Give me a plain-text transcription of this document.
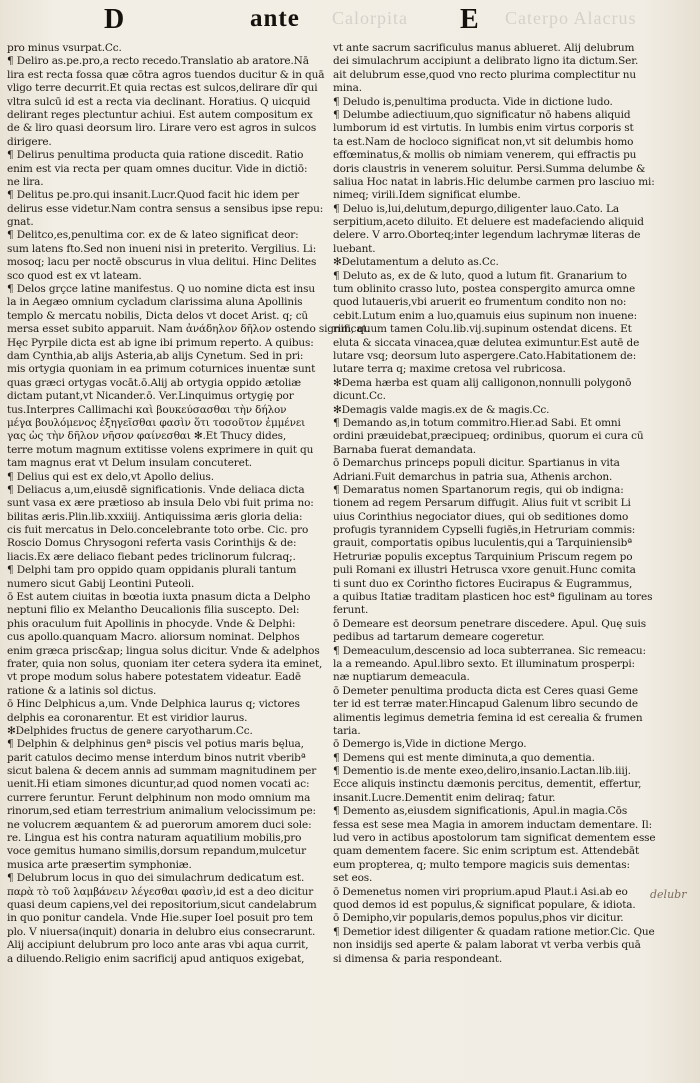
Calorpita	Caterpo Alacrus
D	ante	E
pro minus vsurpat.Cc.
¶ Deliro as.pe.pro,a recto recedo.Translatio ab aratore.Nā
lira est recta fossa quæ cōtra agros tuendos ducitur & in quā
vligo terre decurrit.Et quia rectas est sulcos,delirare dīr qui
vltra sulcū id est a recta via declinant. Horatius. Q uicquid
delirant reges plectuntur achiui. Est autem compositum ex
de & liro quasi deorsum liro. Lirare vero est agros in sulcos
dirigere.
¶ Delirus penultima producta quia ratione discedit. Ratio
enim est via recta per quam omnes ducitur. Vide in dictiō:
ne lira.
¶ Delitus pe.pro.qui insanit.Lucr.Quod facit hic idem per
delirus esse videtur.Nam contra sensus a sensibus ipse repu:
gnat.
¶ Delitco,es,penultima cor. ex de & lateo significat deor:
sum latens fto.Sed non inueni nisi in preterito. Vergilius. Li:
mosoq; lacu per noctē obscurus in vlua delitui. Hinc Delites
sco quod est ex vt lateam.
¶ Delos grçce latine manifestus. Q uo nomine dicta est insu
la in Aegæo omnium cycladum clarissima aluna Apollinis
templo & mercatu nobilis, Dicta delos vt docet Arist. q; cū
mersa esset subito apparuit. Nam ἀνάδηλον δῆλον ostendo significat.
Hęc Pyrpile dicta est ab igne ibi primum reperto. A quibus:
dam Cynthia,ab alijs Asteria,ab alijs Cynetum. Sed in pri:
mis ortygia quoniam in ea primum coturnices inuentæ sunt
quas græci ortygas vocāt.ō.Alij ab ortygia oppido ætoliæ
dictam putant,vt Nicander.ō. Ver.Linquimus ortygię por
tus.Interpres Callimachi καὶ βουκεύσασθαι τὴν δήλον
μέγα βουλόμενος ἐξηγεῖσθαι φασὶν ὅτι τοσοῦτον ἐμμένει
γας ὡς τὴν δῆλον νῆσον φαίνεσθαι ✻.Et Thucy dides,
terre motum magnum extitisse volens exprimere in quit qu
tam magnus erat vt Delum insulam concuteret.
¶ Delius qui est ex delo,vt Apollo delius.
¶ Deliacus a,um,eiusdē significationis. Vnde deliaca dicta
sunt vasa ex ære prætioso ab insula Delo vbi fuit prima no:
bilitas æris.Plin.lib.xxxiiij. Antiquissima æris gloria delia:
cis fuit mercatus in Delo.concelebrante toto orbe. Cic. pro
Roscio Domus Chrysogoni referta vasis Corinthijs & de:
liacis.Ex ære deliaco fiebant pedes triclinorum fulcraq;.
¶ Delphi tam pro oppido quam oppidanis plurali tantum
numero sicut Gabij Leontini Puteoli.
ō Est autem ciuitas in bœotia iuxta pnasum dicta a Delpho
neptuni filio ex Melantho Deucalionis filia suscepto. Del:
phis oraculum fuit Apollinis in phocyde. Vnde & Delphi:
cus apollo.quanquam Macro. aliorsum nominat. Delphos
enim græca prisc&ap; lingua solus dicitur. Vnde & adelphos
frater, quia non solus, quoniam iter cetera sydera ita eminet,
vt prope modum solus habere potestatem videatur. Eadē
ratione & a latinis sol dictus.
ō Hinc Delphicus a,um. Vnde Delphica laurus q; victores
delphis ea coronarentur. Et est viridior laurus.
✻Delphides fructus de genere caryotharum.Cc.
¶ Delphin & delphinus genª piscis vel potius maris bęlua,
parit catulos decimo mense interdum binos nutrit vberibª
sicut balena & decem annis ad summam magnitudinem per
uenit.Hi etiam simones dicuntur,ad quod nomen vocati ac:
currere feruntur. Ferunt delphinum non modo omnium ma
rinorum,sed etiam terrestrium animalium velocissimum pe:
ne volucrem æquantem & ad puerorum amorem duci sole:
re. Lingua est his contra naturam aquatilium mobilis,pro
voce gemitus humano similis,dorsum repandum,mulcetur
musica arte præsertim symphoniæ.
¶ Delubrum locus in quo dei simulachrum dedicatum est.
παρὰ τὸ τοῦ λαμβάνειν λέγεσθαι φασὶν,id est a deo dicitur
quasi deum capiens,vel dei repositorium,sicut candelabrum
in quo ponitur candela. Vnde Hie.super Ioel posuit pro tem
plo. V niuersa(inquit) donaria in delubro eius consecrarunt.
Alij accipiunt delubrum pro loco ante aras vbi aqua currit,
a diluendo.Religio enim sacrificij apud antiquos exigebat,
vt ante sacrum sacrificulus manus ablueret. Alij delubrum
dei simulachrum accipiunt a delibrato ligno ita dictum.Ser.
ait delubrum esse,quod vno recto plurima complectitur nu
mina.
¶ Deludo is,penultima producta. Vide in dictione ludo.
¶ Delumbe adiectiuum,quo significatur nō habens aliquid
lumborum id est virtutis. In lumbis enim virtus corporis st
ta est.Nam de hocloco significat non,vt sit delumbis homo
effœminatus,& mollis ob nimiam venerem, qui effractis pu
doris claustris in venerem soluitur. Persi.Summa delumbe &
saliua Hoc natat in labris.Hic delumbe carmen pro lasciuo mi:
nimeq; virili.Idem significat elumbe.
¶ Deluo is,lui,delutum,depurgo,diligenter lauo.Cato. La
serpitium,aceto diluito. Et deluere est madefaciendo aliquid
delere. V arro.Oborteq;inter legendum lachrymæ literas de
luebant.
✻Delutamentum a deluto as.Cc.
¶ Deluto as, ex de & luto, quod a lutum fit. Granarium to
tum oblinito crasso luto, postea conspergito amurca omne
quod lutaueris,vbi aruerit eo frumentum condito non no:
cebit.Lutum enim a luo,quamuis eius supinum non inuene:
rim, quum tamen Colu.lib.vij.supinum ostendat dicens. Et
eluta & siccata vinacea,quæ delutea eximuntur.Est autē de
lutare vsq; deorsum luto aspergere.Cato.Habitationem de:
lutare terra q; maxime cretosa vel rubricosa.
✻Dema hærba est quam alij calligonon,nonnulli polygonō
dicunt.Cc.
✻Demagis valde magis.ex de & magis.Cc.
¶ Demando as,in totum commitro.Hier.ad Sabi. Et omni
ordini præuidebat,præcipueq; ordinibus, quorum ei cura cū
Barnaba fuerat demandata.
ō Demarchus princeps populi dicitur. Spartianus in vita
Adriani.Fuit demarchus in patria sua, Athenis archon.
¶ Demaratus nomen Spartanorum regis, qui ob indigna:
tionem ad regem Persarum diffugit. Alius fuit vt scribit Li
uius Corinthius negociator diues, qui ob seditiones domo
profugis tyrannidem Cypselli fugiēs,in Hetruriam commis:
grauit, comportatis opibus luculentis,qui a Tarquiniensibª
Hetruriæ populis exceptus Tarquinium Priscum regem po
puli Romani ex illustri Hetrusca vxore genuit.Hunc comita
ti sunt duo ex Corintho fictores Eucirapus & Eugrammus,
a quibus Itatiæ traditam plasticen hoc estª figulinam au tores
ferunt.
ō Demeare est deorsum penetrare discedere. Apul. Quę suis
pedibus ad tartarum demeare cogeretur.
¶ Demeaculum,descensio ad loca subterranea. Sic remeacu:
la a remeando. Apul.libro sexto. Et illuminatum prosperpi:
næ nuptiarum demeacula.
ō Demeter penultima producta dicta est Ceres quasi Geme
ter id est terræ mater.Hincapud Galenum libro secundo de
alimentis legimus demetria femina id est cerealia & frumen
taria.
ō Demergo is,Vide in dictione Mergo.
¶ Demens qui est mente diminuta,a quo dementia.
¶ Dementio is.de mente exeo,deliro,insanio.Lactan.lib.iiij.
Ecce aliquis instinctu dæmonis percitus, dementit, effertur,
insanit.Lucre.Dementit enim deliraq; fatur.
¶ Demento as,eiusdem significationis, Apul.in magia.Cōs
fessa est sese mea Magia in amorem inductam dementare. Il:
lud vero in actibus apostolorum tam significat dementem esse
quam dementem facere. Sic enim scriptum est. Attendebāt
eum propterea, q; multo tempore magicis suis dementas:
set eos.
ō Demenetus nomen viri proprium.apud Plaut.i Asi.ab eo
quod demos id est populus,& significat populare, & idiota.
ō Demipho,vir popularis,demos populus,phos vir dicitur.
¶ Demetior idest diligenter & quadam ratione metior.Cic. Que
non insidijs sed aperte & palam laborat vt verba verbis quā
si dimensa & paria respondeant.
delubr
